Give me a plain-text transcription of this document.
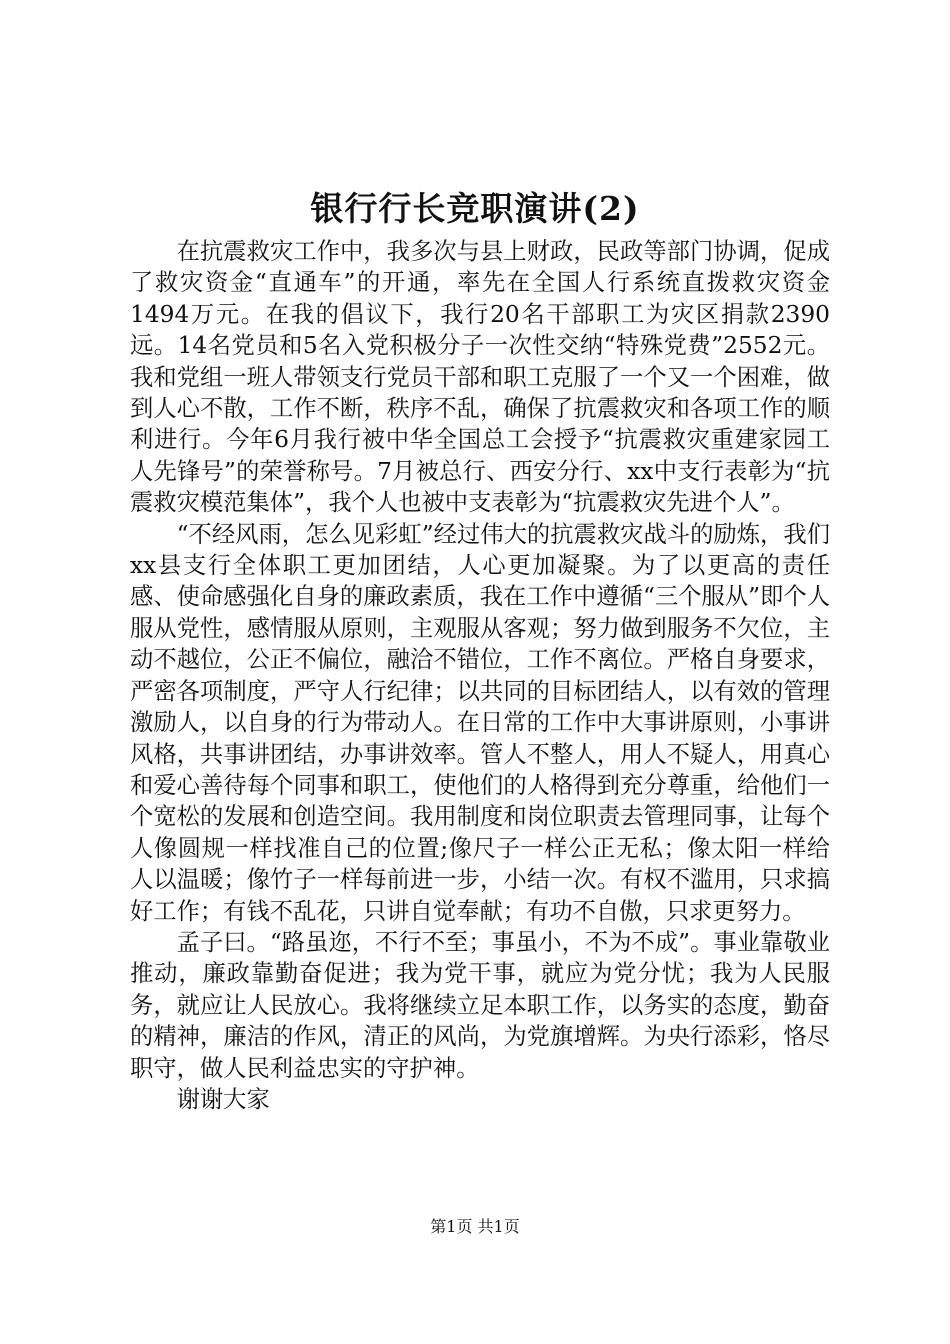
银行行长竞职演讲(2)

在抗震救灾工作中，我多次与县上财政，民政等部门协调，促成了救灾资金“直通车”的开通，率先在全国人行系统直拨救灾资金1494万元。在我的倡议下，我行20名干部职工为灾区捐款2390远。14名党员和5名入党积极分子一次性交纳“特殊党费”2552元。我和党组一班人带领支行党员干部和职工克服了一个又一个困难，做到人心不散，工作不断，秩序不乱，确保了抗震救灾和各项工作的顺利进行。今年6月我行被中华全国总工会授予“抗震救灾重建家园工人先锋号”的荣誉称号。7月被总行、西安分行、xx中支行表彰为“抗震救灾模范集体”，我个人也被中支表彰为“抗震救灾先进个人”。

“不经风雨，怎么见彩虹”经过伟大的抗震救灾战斗的励炼，我们xx县支行全体职工更加团结，人心更加凝聚。为了以更高的责任感、使命感强化自身的廉政素质，我在工作中遵循“三个服从”即个人服从党性，感情服从原则，主观服从客观；努力做到服务不欠位，主动不越位，公正不偏位，融洽不错位，工作不离位。严格自身要求，严密各项制度，严守人行纪律；以共同的目标团结人，以有效的管理激励人，以自身的行为带动人。在日常的工作中大事讲原则，小事讲风格，共事讲团结，办事讲效率。管人不整人，用人不疑人，用真心和爱心善待每个同事和职工，使他们的人格得到充分尊重，给他们一个宽松的发展和创造空间。我用制度和岗位职责去管理同事，让每个人像圆规一样找准自己的位置;像尺子一样公正无私；像太阳一样给人以温暖；像竹子一样每前进一步，小结一次。有权不滥用，只求搞好工作；有钱不乱花，只讲自觉奉献；有功不自傲，只求更努力。

孟子曰。“路虽迩，不行不至；事虽小，不为不成”。事业靠敬业推动，廉政靠勤奋促进；我为党干事，就应为党分忧；我为人民服务，就应让人民放心。我将继续立足本职工作，以务实的态度，勤奋的精神，廉洁的作风，清正的风尚，为党旗增辉。为央行添彩，恪尽职守，做人民利益忠实的守护神。

谢谢大家

第1页 共1页
